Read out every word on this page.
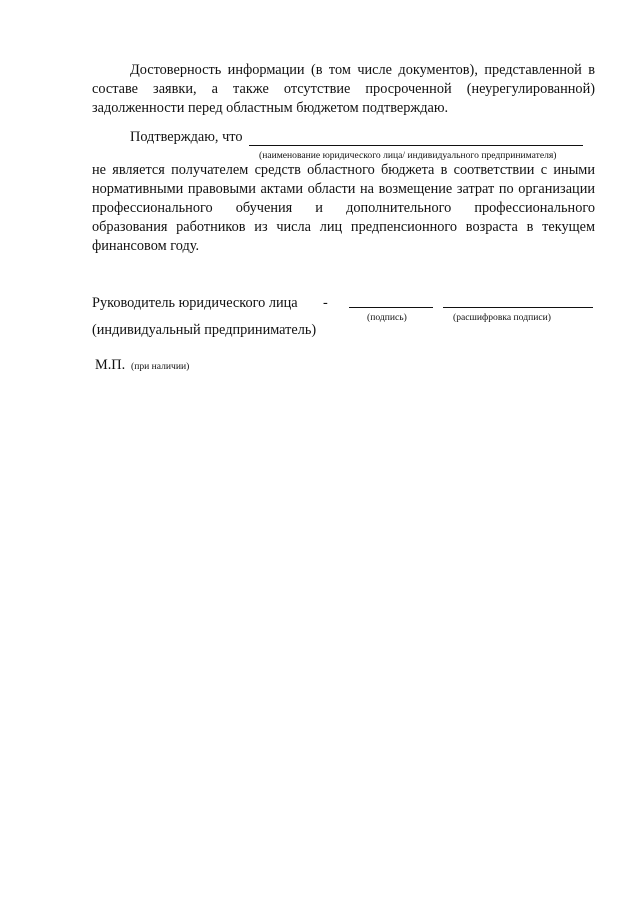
Достоверность информации (в том числе документов), представленной в составе заявки, а также отсутствие просроченной (неурегулированной) задолженности перед областным бюджетом подтверждаю.

Подтверждаю, что
(наименование юридического лица/ индивидуального предпринимателя)

не является получателем средств областного бюджета в соответствии с иными нормативными правовыми актами области на возмещение затрат по организации профессионального обучения и дополнительного профессионального образования работников из числа лиц предпенсионного возраста в текущем финансовом году.

Руководитель юридического лица -
(подпись)	(расшифровка подписи)
(индивидуальный предприниматель)
М.П. (при наличии)
